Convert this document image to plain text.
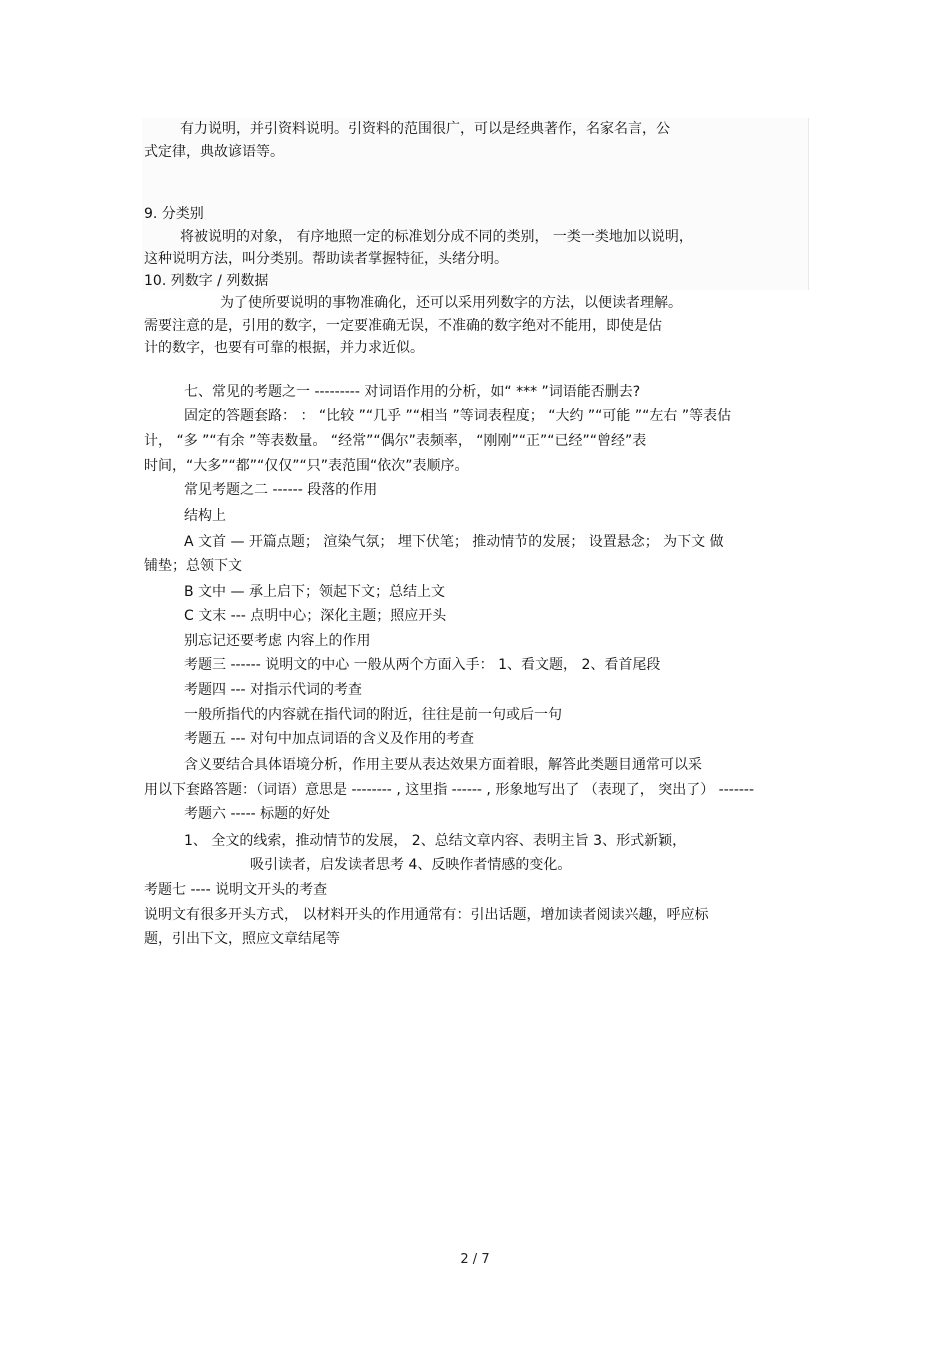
有力说明，并引资料说明。引资料的范围很广，可以是经典著作，名家名言，公
式定律，典故谚语等。
9. 分类别
将被说明的对象， 有序地照一定的标准划分成不同的类别， 一类一类地加以说明，
这种说明方法，叫分类别。帮助读者掌握特征，头绪分明。
10. 列数字 / 列数据
为了使所要说明的事物准确化，还可以采用列数字的方法，以便读者理解。
需要注意的是，引用的数字，一定要准确无误，不准确的数字绝对不能用，即使是估
计的数字，也要有可靠的根据，并力求近似。
七、常见的考题之一 --------- 对词语作用的分析，如“ *** ”词语能否删去?
固定的答题套路： ： “比较 ”“几乎 ”“相当 ”等词表程度； “大约 ”“可能 ”“左右 ”等表估
计， “多 ”“有余 ”等表数量。 “经常”“偶尔”表频率， “刚刚”“正”“已经”“曾经”表
时间，“大多”“都”“仅仅”“只”表范围“依次”表顺序。
常见考题之二 ------ 段落的作用
结构上
A 文首 — 开篇点题； 渲染气氛； 埋下伏笔； 推动情节的发展； 设置悬念； 为下文 做
铺垫；总领下文
B 文中 — 承上启下；领起下文；总结上文
C 文末 --- 点明中心；深化主题；照应开头
别忘记还要考虑 内容上的作用
考题三 ------ 说明文的中心 一般从两个方面入手： 1、看文题， 2、看首尾段
考题四 --- 对指示代词的考查
一般所指代的内容就在指代词的附近，往往是前一句或后一句
考题五 --- 对句中加点词语的含义及作用的考查
含义要结合具体语境分析，作用主要从表达效果方面着眼，解答此类题目通常可以采
用以下套路答题：（词语）意思是 -------- , 这里指 ------ , 形象地写出了 （表现了， 突出了） -------
考题六 ----- 标题的好处
1、 全文的线索，推动情节的发展， 2、总结文章内容、表明主旨 3、形式新颖，
吸引读者，启发读者思考 4、反映作者情感的变化。
考题七 ---- 说明文开头的考查
说明文有很多开头方式， 以材料开头的作用通常有：引出话题，增加读者阅读兴趣，呼应标
题，引出下文，照应文章结尾等
2 / 7
